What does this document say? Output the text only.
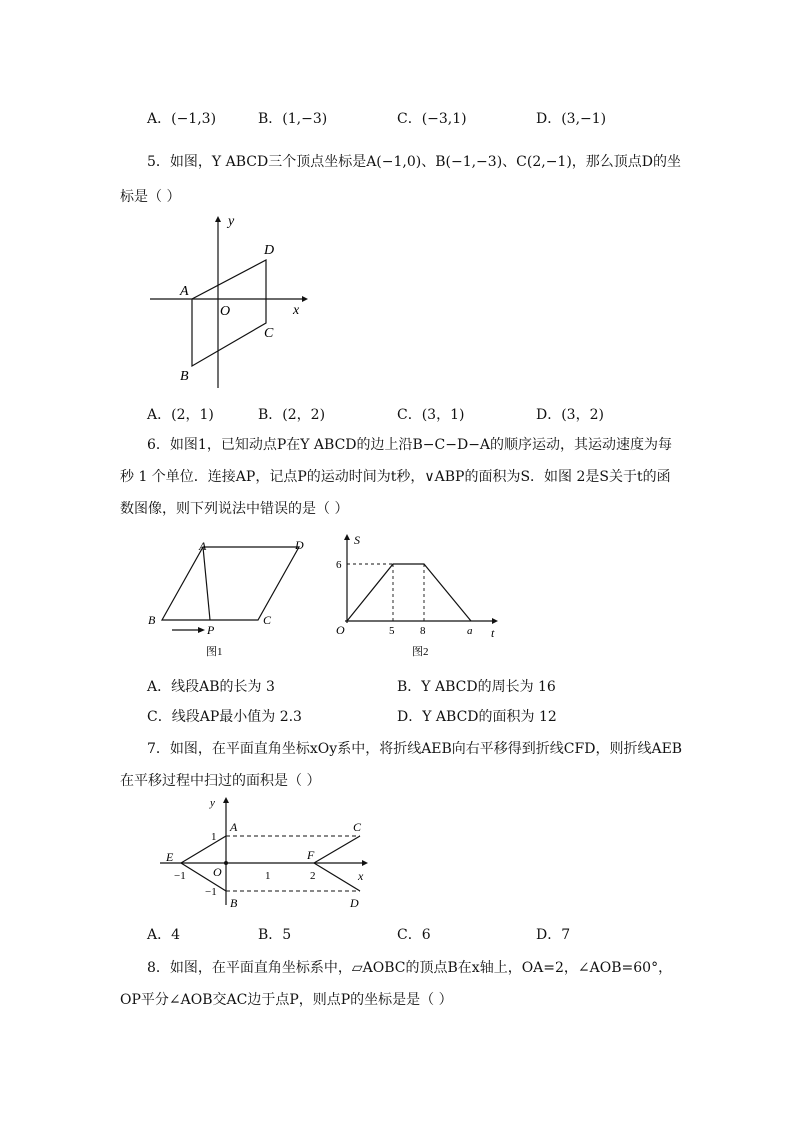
A．(−1,3)	B．(1,−3)	C．(−3,1)	D．(3,−1)
5．如图，Y ABCD三个顶点坐标是A(−1,0)、B(−1,−3)、C(2,−1)，那么顶点D的坐
标是（ ）
y
x
O
A
B
C
D
A．(2，1)	B．(2，2)	C．(3，1)	D．(3，2)
6．如图1，已知动点P在Y ABCD的边上沿B−C−D−A的顺序运动，其运动速度为每
秒 1 个单位．连接AP，记点P的运动时间为t秒，∨ABP的面积为S．如图 2是S关于t的函
数图像，则下列说法中错误的是（ ）
A
B	C
D
P
图1
S
t
O
6
5 8	a
图2
A．线段AB的长为 3	B．Y ABCD的周长为 16
C．线段AP最小值为 2.3	D．Y ABCD的面积为 12
7．如图，在平面直角坐标xOy系中，将折线AEB向右平移得到折线CFD，则折线AEB
在平移过程中扫过的面积是（ ）
y
x
O
A
B
C
D
E	F
1
−1
−1	1	2
A．4	B．5	C．6	D．7
8．如图，在平面直角坐标系中，▱AOBC的顶点B在x轴上，OA=2，∠AOB=60°，
OP平分∠AOB交AC边于点P，则点P的坐标是是（ ）
